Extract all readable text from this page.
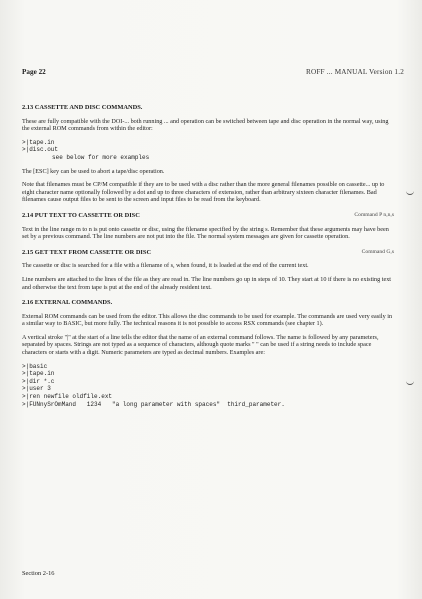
Page 22	ROFF ... MANUAL Version 1.2
2.13 CASSETTE AND DISC COMMANDS.

These are fully compatible with the DOI-... both running ... and operation can be switched between tape and disc operation in the normal way, using the external ROM commands from within the editor:

>|tape.in
>|disc.out
see below for more examples

The [ESC] key can be used to abort a tape/disc operation.

Note that filenames must be CP/M compatible if they are to be used with a disc rather than the more general filenames possible on cassette... up to eight character name optionally followed by a dot and up to three characters of extension, rather than arbitrary sixteen character filenames. Bad filenames cause output files to be sent to the screen and input files to be read from the keyboard.

2.14 PUT TEXT TO CASSETTE OR DISC	Command P n,n,s

Text in the line range m to n is put onto cassette or disc, using the filename specified by the string s. Remember that these arguments may have been set by a previous command. The line numbers are not put into the file. The normal system messages are given for cassette operation.

2.15 GET TEXT FROM CASSETTE OR DISC	Command G,s

The cassette or disc is searched for a file with a filename of s, when found, it is loaded at the end of the current text.

Line numbers are attached to the lines of the file as they are read in. The line numbers go up in steps of 10. They start at 10 if there is no existing text and otherwise the text from tape is put at the end of the already resident text.

2.16 EXTERNAL COMMANDS.

External ROM commands can be used from the editor. This allows the disc commands to be used for example. The commands are used very easily in a similar way to BASIC, but more fully. The technical reasons it is not possible to access RSX commands (see chapter 1).

A vertical stroke "|" at the start of a line tells the editor that the name of an external command follows. The name is followed by any parameters, separated by spaces. Strings are not typed as a sequence of characters, although quote marks " " can be used if a string needs to include space characters or starts with a digit. Numeric parameters are typed as decimal numbers. Examples are:

>|basic
>|tape.in
>|dir *.c
>|user 3
>|ren newfile oldfile.ext
>|FUNnySrOmMand   1234   "a long parameter with spaces"  third_parameter.
Section 2-16
